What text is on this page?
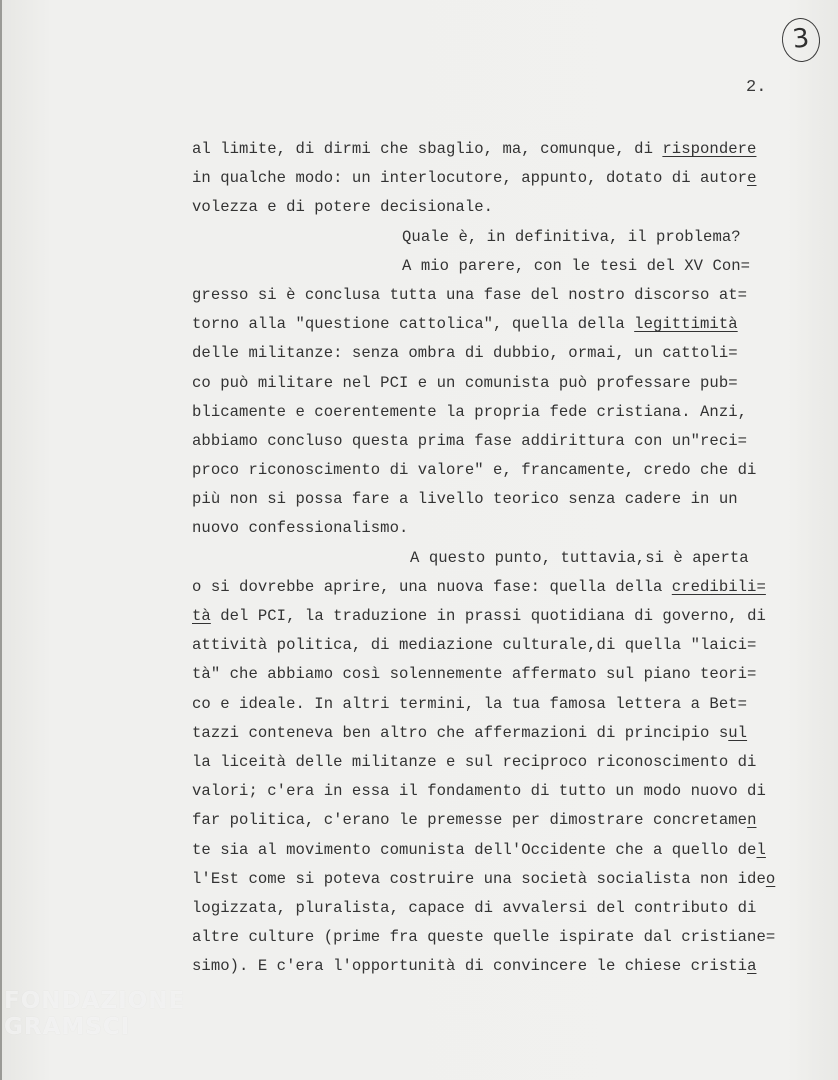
3
2.
al limite, di dirmi che sbaglio, ma, comunque, di rispondere
in qualche modo: un interlocutore, appunto, dotato di autore
volezza e di potere decisionale.
Quale è, in definitiva, il problema?
A mio parere, con le tesi del XV Con=
gresso si è conclusa tutta una fase del nostro discorso at=
torno alla "questione cattolica", quella della legittimità
delle militanze: senza ombra di dubbio, ormai, un cattoli=
co può militare nel PCI e un comunista può professare pub=
blicamente e coerentemente la propria fede cristiana. Anzi,
abbiamo concluso questa prima fase addirittura con un"reci=
proco riconoscimento di valore" e, francamente, credo che di
più non si possa fare a livello teorico senza cadere in un
nuovo confessionalismo.
A questo punto, tuttavia,si è aperta
o si dovrebbe aprire, una nuova fase: quella della credibili=
tà del PCI, la traduzione in prassi quotidiana di governo, di
attività politica, di mediazione culturale,di quella "laici=
tà" che abbiamo così solennemente affermato sul piano teori=
co e ideale. In altri termini, la tua famosa lettera a Bet=
tazzi conteneva ben altro che affermazioni di principio sul
la liceità delle militanze e sul reciproco riconoscimento di
valori; c'era in essa il fondamento di tutto un modo nuovo di
far politica, c'erano le premesse per dimostrare concretamen
te sia al movimento comunista dell'Occidente che a quello del
l'Est come si poteva costruire una società socialista non ideo
logizzata, pluralista, capace di avvalersi del contributo di
altre culture (prime fra queste quelle ispirate dal cristiane=
simo). E c'era l'opportunità di convincere le chiese cristia
FONDAZIONE
GRAMSCI
